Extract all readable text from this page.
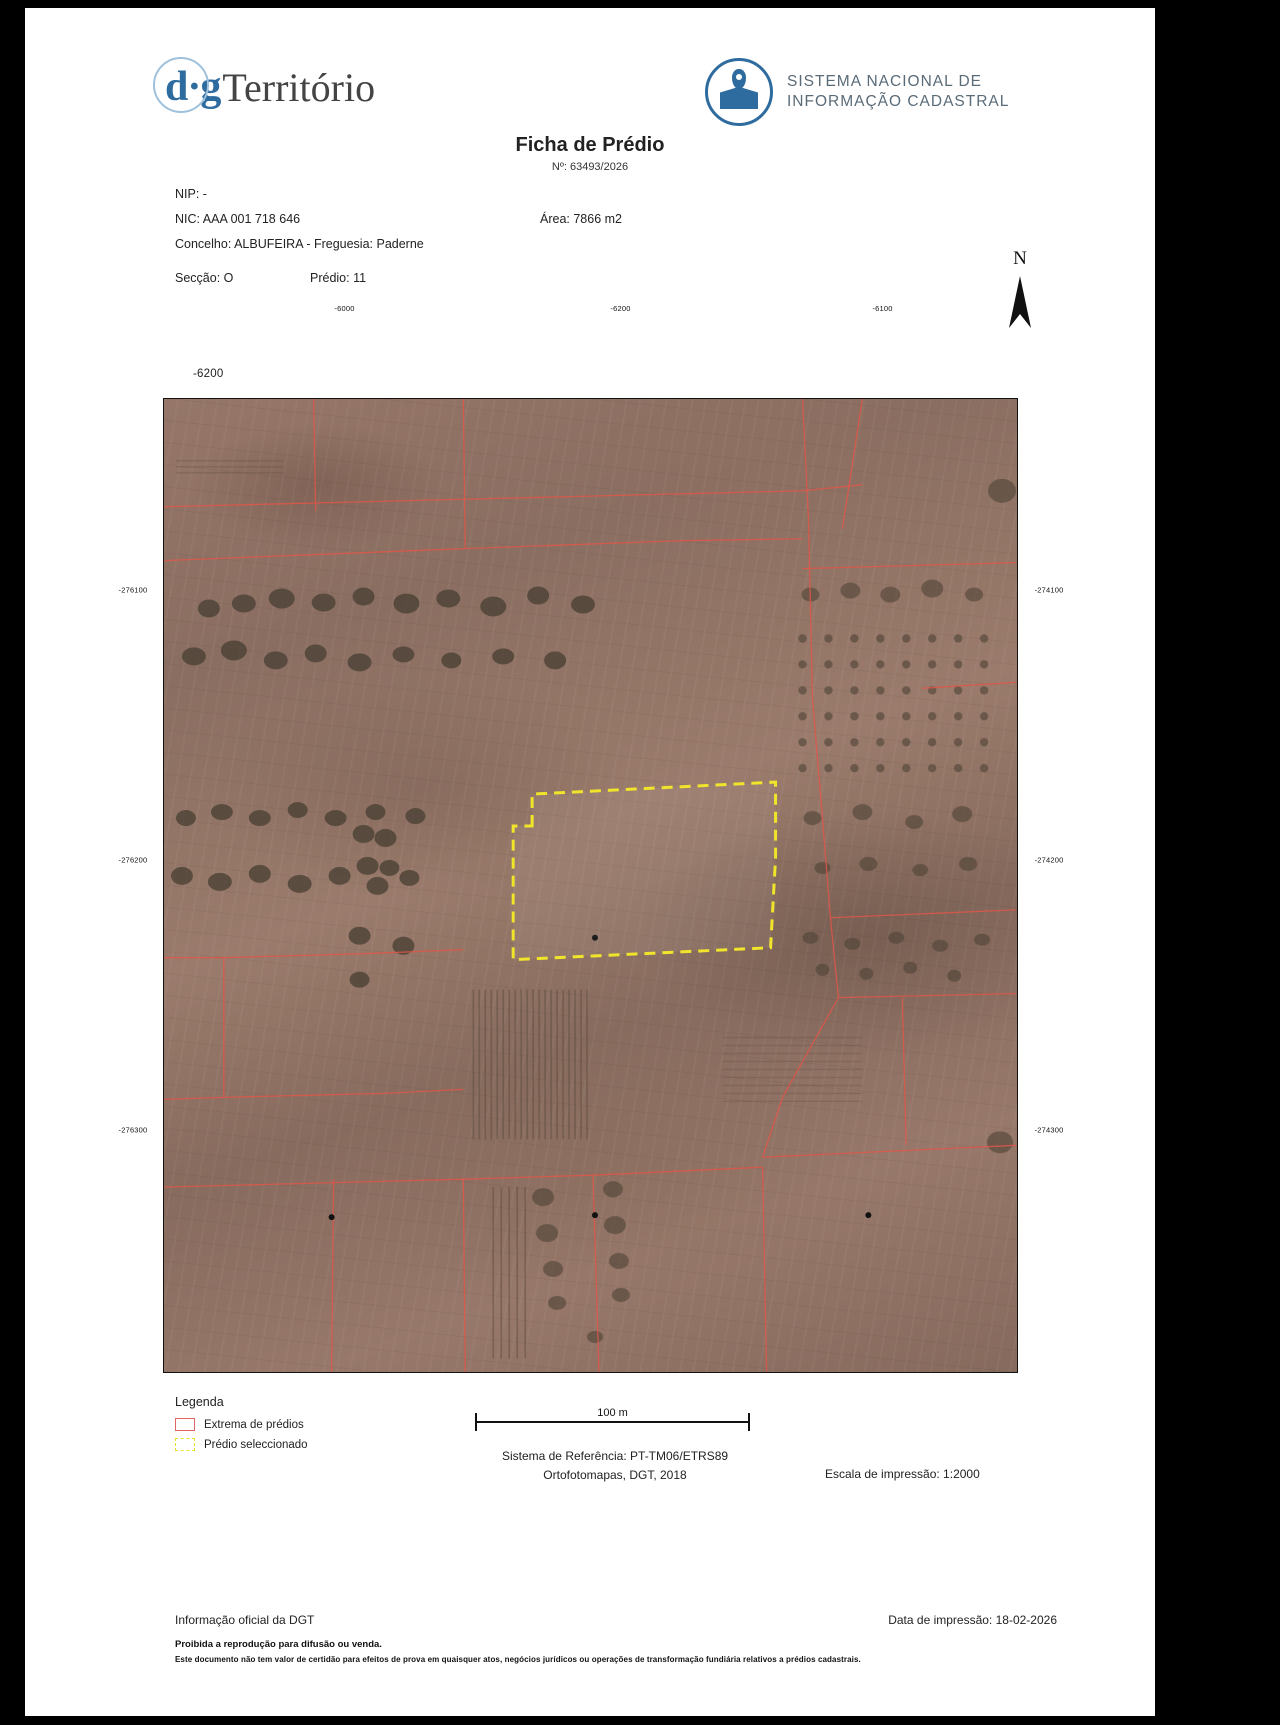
d·g Território	SISTEMA NACIONAL DE
INFORMAÇÃO CADASTRAL
Ficha de Prédio
Nº: 63493/2026
NIP: -
NIC: AAA 001 718 646	Área: 7866 m2
Concelho: ALBUFEIRA - Freguesia: Paderne
Secção: O	Prédio: 11
N
-6000	-6200	-6100
-276100
-276200
-276300
-274100
-274200
-274300
-6200
Legenda
Extrema de prédios
Prédio seleccionado
100 m
Sistema de Referência: PT-TM06/ETRS89
Ortofotomapas, DGT, 2018	Escala de impressão: 1:2000
Informação oficial da DGT	Data de impressão: 18-02-2026
Proibida a reprodução para difusão ou venda.
Este documento não tem valor de certidão para efeitos de prova em quaisquer atos, negócios jurídicos ou operações de transformação fundiária relativos a prédios cadastrais.
